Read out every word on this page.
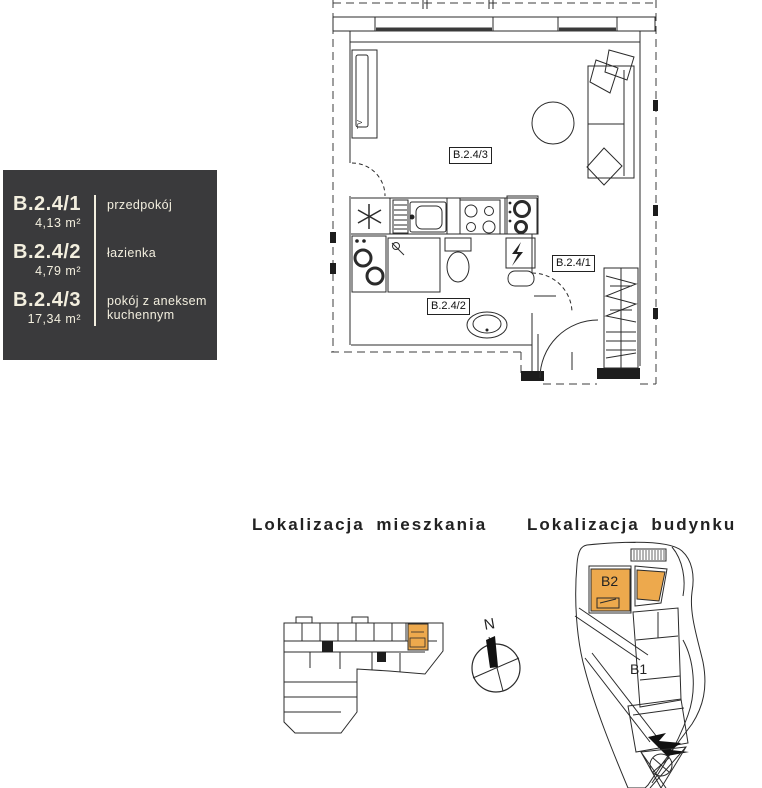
TV
B.2.4/1
4,13 m²
przedpokój
B.2.4/2
4,79 m²
łazienka
B.2.4/3
17,34 m²
pokój z aneksem kuchennym
B.2.4/3
B.2.4/1
B.2.4/2
Lokalizacja mieszkania Lokalizacja budynku
N
B2
B1
